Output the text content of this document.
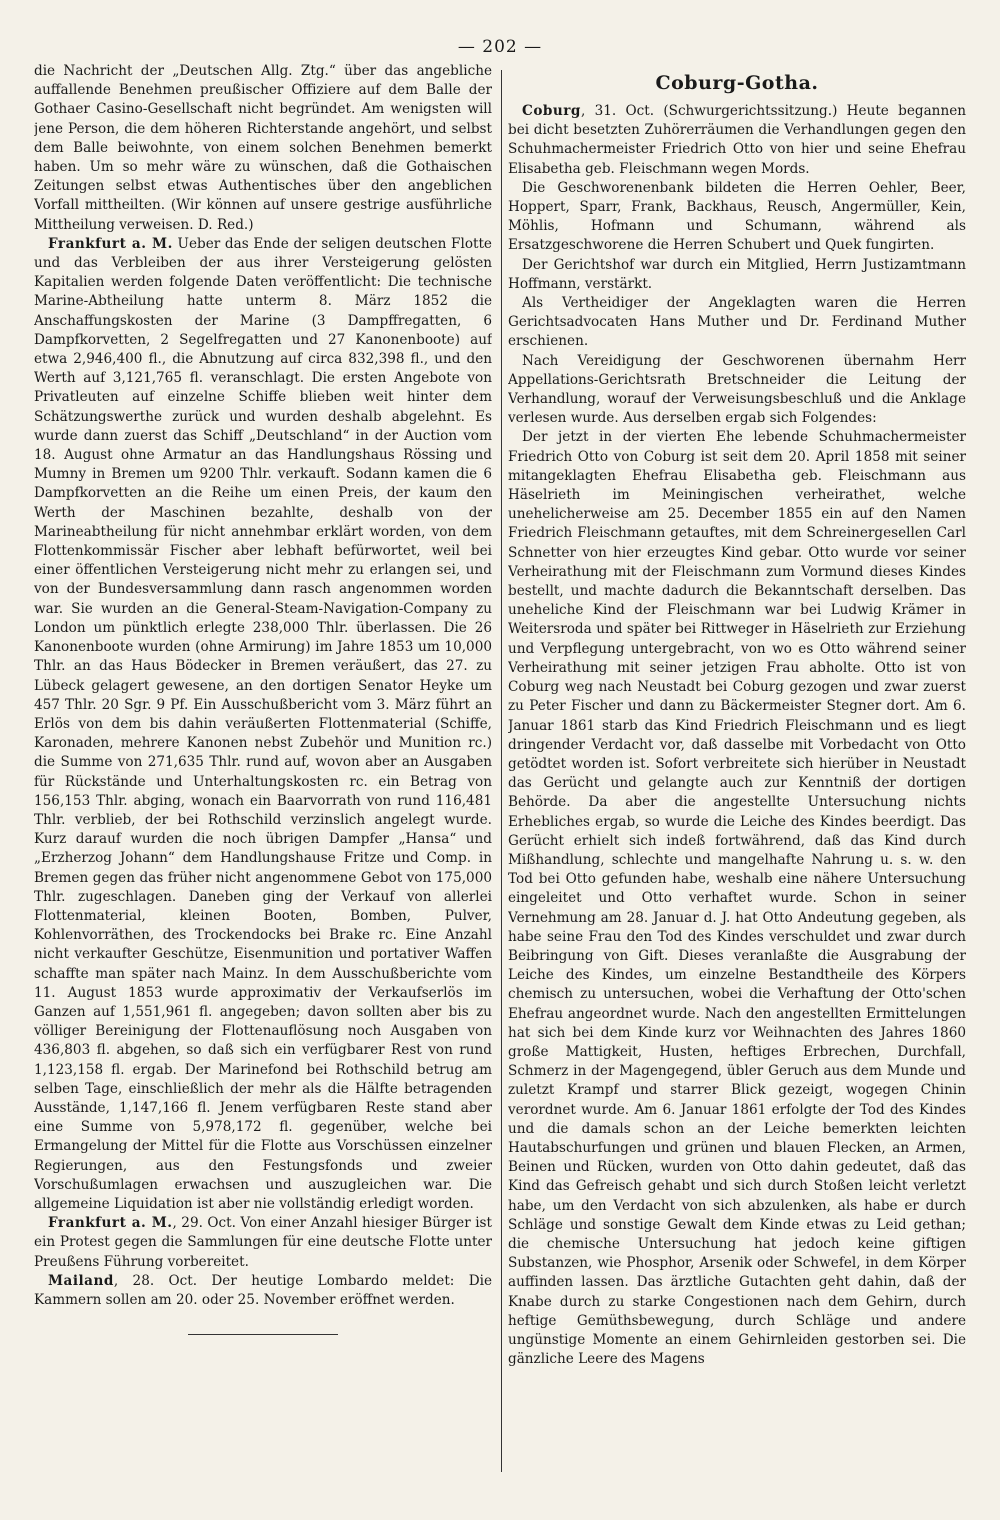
— 202 —

die Nachricht der „Deutschen Allg. Ztg.“ über das angebliche auffallende Benehmen preußischer Offiziere auf dem Balle der Gothaer Casino-Gesellschaft nicht begründet. Am wenigsten will jene Person, die dem höheren Richterstande angehört, und selbst dem Balle beiwohnte, von einem solchen Benehmen bemerkt haben. Um so mehr wäre zu wünschen, daß die Gothaischen Zeitungen selbst etwas Authentisches über den angeblichen Vorfall mittheilten. (Wir können auf unsere gestrige ausführliche Mittheilung verweisen. D. Red.)

Frankfurt a. M. Ueber das Ende der seligen deutschen Flotte und das Verbleiben der aus ihrer Versteigerung gelösten Kapitalien werden folgende Daten veröffentlicht: Die technische Marine-Abtheilung hatte unterm 8. März 1852 die Anschaffungskosten der Marine (3 Dampffregatten, 6 Dampfkorvetten, 2 Segelfregatten und 27 Kanonenboote) auf etwa 2,946,400 fl., die Abnutzung auf circa 832,398 fl., und den Werth auf 3,121,765 fl. veranschlagt. Die ersten Angebote von Privatleuten auf einzelne Schiffe blieben weit hinter dem Schätzungswerthe zurück und wurden deshalb abgelehnt. Es wurde dann zuerst das Schiff „Deutschland“ in der Auction vom 18. August ohne Armatur an das Handlungshaus Rössing und Mumny in Bremen um 9200 Thlr. verkauft. Sodann kamen die 6 Dampfkorvetten an die Reihe um einen Preis, der kaum den Werth der Maschinen bezahlte, deshalb von der Marineabtheilung für nicht annehmbar erklärt worden, von dem Flottenkommissär Fischer aber lebhaft befürwortet, weil bei einer öffentlichen Versteigerung nicht mehr zu erlangen sei, und von der Bundesversammlung dann rasch angenommen worden war. Sie wurden an die General-Steam-Navigation-Company zu London um pünktlich erlegte 238,000 Thlr. überlassen. Die 26 Kanonenboote wurden (ohne Armirung) im Jahre 1853 um 10,000 Thlr. an das Haus Bödecker in Bremen veräußert, das 27. zu Lübeck gelagert gewesene, an den dortigen Senator Heyke um 457 Thlr. 20 Sgr. 9 Pf. Ein Ausschußbericht vom 3. März führt an Erlös von dem bis dahin veräußerten Flottenmaterial (Schiffe, Karonaden, mehrere Kanonen nebst Zubehör und Munition rc.) die Summe von 271,635 Thlr. rund auf, wovon aber an Ausgaben für Rückstände und Unterhaltungskosten rc. ein Betrag von 156,153 Thlr. abging, wonach ein Baarvorrath von rund 116,481 Thlr. verblieb, der bei Rothschild verzinslich angelegt wurde. Kurz darauf wurden die noch übrigen Dampfer „Hansa“ und „Erzherzog Johann“ dem Handlungshause Fritze und Comp. in Bremen gegen das früher nicht angenommene Gebot von 175,000 Thlr. zugeschlagen. Daneben ging der Verkauf von allerlei Flottenmaterial, kleinen Booten, Bomben, Pulver, Kohlenvorräthen, des Trockendocks bei Brake rc. Eine Anzahl nicht verkaufter Geschütze, Eisenmunition und portativer Waffen schaffte man später nach Mainz. In dem Ausschußberichte vom 11. August 1853 wurde approximativ der Verkaufserlös im Ganzen auf 1,551,961 fl. angegeben; davon sollten aber bis zu völliger Bereinigung der Flottenauflösung noch Ausgaben von 436,803 fl. abgehen, so daß sich ein verfügbarer Rest von rund 1,123,158 fl. ergab. Der Marinefond bei Rothschild betrug am selben Tage, einschließlich der mehr als die Hälfte betragenden Ausstände, 1,147,166 fl. Jenem verfügbaren Reste stand aber eine Summe von 5,978,172 fl. gegenüber, welche bei Ermangelung der Mittel für die Flotte aus Vorschüssen einzelner Regierungen, aus den Festungsfonds und zweier Vorschußumlagen erwachsen und auszugleichen war. Die allgemeine Liquidation ist aber nie vollständig erledigt worden.

Frankfurt a. M., 29. Oct. Von einer Anzahl hiesiger Bürger ist ein Protest gegen die Sammlungen für eine deutsche Flotte unter Preußens Führung vorbereitet.

Mailand, 28. Oct. Der heutige Lombardo meldet: Die Kammern sollen am 20. oder 25. November eröffnet werden.

Coburg-Gotha.

Coburg, 31. Oct. (Schwurgerichtssitzung.) Heute begannen bei dicht besetzten Zuhörerräumen die Verhandlungen gegen den Schuhmachermeister Friedrich Otto von hier und seine Ehefrau Elisabetha geb. Fleischmann wegen Mords.

Die Geschworenenbank bildeten die Herren Oehler, Beer, Hoppert, Sparr, Frank, Backhaus, Reusch, Angermüller, Kein, Möhlis, Hofmann und Schumann, während als Ersatzgeschworene die Herren Schubert und Quek fungirten.

Der Gerichtshof war durch ein Mitglied, Herrn Justizamtmann Hoffmann, verstärkt.

Als Vertheidiger der Angeklagten waren die Herren Gerichtsadvocaten Hans Muther und Dr. Ferdinand Muther erschienen.

Nach Vereidigung der Geschworenen übernahm Herr Appellations-Gerichtsrath Bretschneider die Leitung der Verhandlung, worauf der Verweisungsbeschluß und die Anklage verlesen wurde. Aus derselben ergab sich Folgendes:

Der jetzt in der vierten Ehe lebende Schuhmachermeister Friedrich Otto von Coburg ist seit dem 20. April 1858 mit seiner mitangeklagten Ehefrau Elisabetha geb. Fleischmann aus Häselrieth im Meiningischen verheirathet, welche unehelicherweise am 25. December 1855 ein auf den Namen Friedrich Fleischmann getauftes, mit dem Schreinergesellen Carl Schnetter von hier erzeugtes Kind gebar. Otto wurde vor seiner Verheirathung mit der Fleischmann zum Vormund dieses Kindes bestellt, und machte dadurch die Bekanntschaft derselben. Das uneheliche Kind der Fleischmann war bei Ludwig Krämer in Weitersroda und später bei Rittweger in Häselrieth zur Erziehung und Verpflegung untergebracht, von wo es Otto während seiner Verheirathung mit seiner jetzigen Frau abholte. Otto ist von Coburg weg nach Neustadt bei Coburg gezogen und zwar zuerst zu Peter Fischer und dann zu Bäckermeister Stegner dort. Am 6. Januar 1861 starb das Kind Friedrich Fleischmann und es liegt dringender Verdacht vor, daß dasselbe mit Vorbedacht von Otto getödtet worden ist. Sofort verbreitete sich hierüber in Neustadt das Gerücht und gelangte auch zur Kenntniß der dortigen Behörde. Da aber die angestellte Untersuchung nichts Erhebliches ergab, so wurde die Leiche des Kindes beerdigt. Das Gerücht erhielt sich indeß fortwährend, daß das Kind durch Mißhandlung, schlechte und mangelhafte Nahrung u. s. w. den Tod bei Otto gefunden habe, weshalb eine nähere Untersuchung eingeleitet und Otto verhaftet wurde. Schon in seiner Vernehmung am 28. Januar d. J. hat Otto Andeutung gegeben, als habe seine Frau den Tod des Kindes verschuldet und zwar durch Beibringung von Gift. Dieses veranlaßte die Ausgrabung der Leiche des Kindes, um einzelne Bestandtheile des Körpers chemisch zu untersuchen, wobei die Verhaftung der Otto'schen Ehefrau angeordnet wurde. Nach den angestellten Ermittelungen hat sich bei dem Kinde kurz vor Weihnachten des Jahres 1860 große Mattigkeit, Husten, heftiges Erbrechen, Durchfall, Schmerz in der Magengegend, übler Geruch aus dem Munde und zuletzt Krampf und starrer Blick gezeigt, wogegen Chinin verordnet wurde. Am 6. Januar 1861 erfolgte der Tod des Kindes und die damals schon an der Leiche bemerkten leichten Hautabschurfungen und grünen und blauen Flecken, an Armen, Beinen und Rücken, wurden von Otto dahin gedeutet, daß das Kind das Gefreisch gehabt und sich durch Stoßen leicht verletzt habe, um den Verdacht von sich abzulenken, als habe er durch Schläge und sonstige Gewalt dem Kinde etwas zu Leid gethan; die chemische Untersuchung hat jedoch keine giftigen Substanzen, wie Phosphor, Arsenik oder Schwefel, in dem Körper auffinden lassen. Das ärztliche Gutachten geht dahin, daß der Knabe durch zu starke Congestionen nach dem Gehirn, durch heftige Gemüthsbewegung, durch Schläge und andere ungünstige Momente an einem Gehirnleiden gestorben sei. Die gänzliche Leere des Magens
